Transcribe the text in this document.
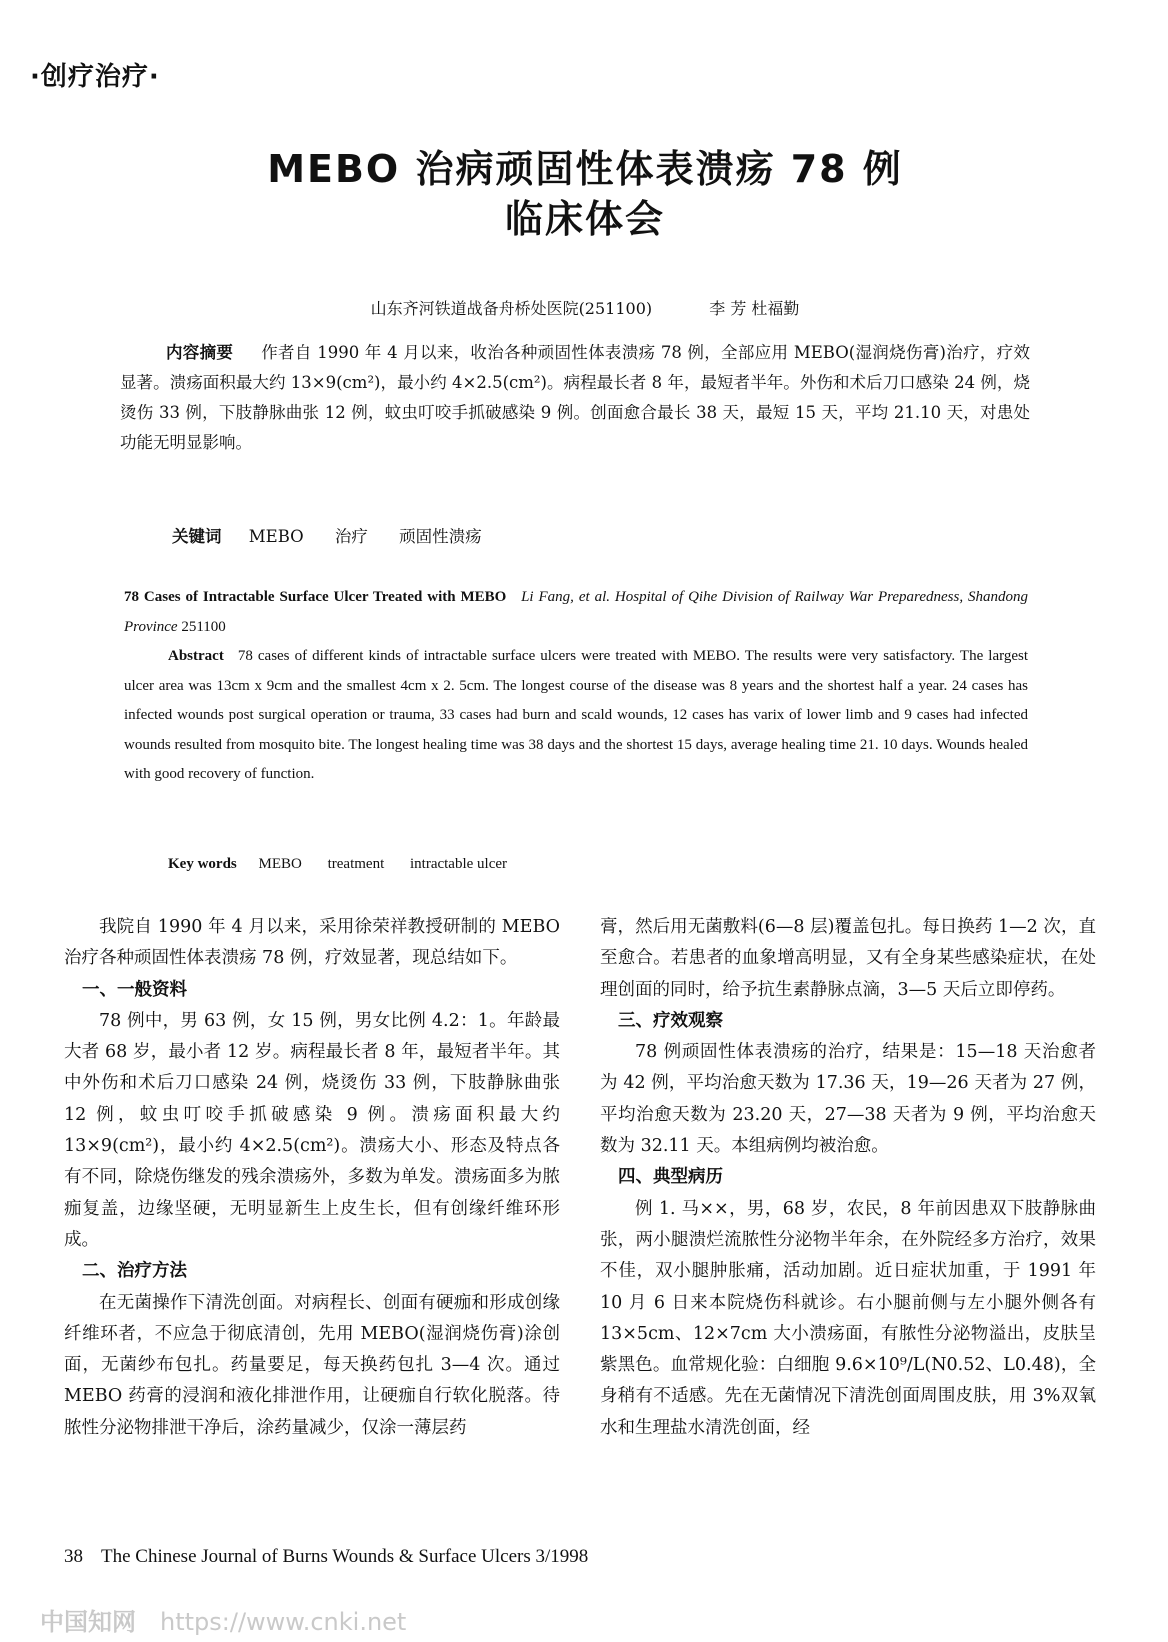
·创疗治疗·
MEBO 治病顽固性体表溃疡 78 例
临床体会
山东齐河铁道战备舟桥处医院(251100)	李 芳 杜福勤
内容摘要 作者自 1990 年 4 月以来，收治各种顽固性体表溃疡 78 例，全部应用 MEBO(湿润烧伤膏)治疗，疗效显著。溃疡面积最大约 13×9(cm²)，最小约 4×2.5(cm²)。病程最长者 8 年，最短者半年。外伤和术后刀口感染 24 例，烧烫伤 33 例，下肢静脉曲张 12 例，蚊虫叮咬手抓破感染 9 例。创面愈合最长 38 天，最短 15 天，平均 21.10 天，对患处功能无明显影响。
关键词 MEBO 治疗 顽固性溃疡
78 Cases of Intractable Surface Ulcer Treated with MEBO Li Fang, et al. Hospital of Qihe Division of Railway War Preparedness, Shandong Province 251100
Abstract 78 cases of different kinds of intractable surface ulcers were treated with MEBO. The results were very satisfactory. The largest ulcer area was 13cm x 9cm and the smallest 4cm x 2. 5cm. The longest course of the disease was 8 years and the shortest half a year. 24 cases has infected wounds post surgical operation or trauma, 33 cases had burn and scald wounds, 12 cases has varix of lower limb and 9 cases had infected wounds resulted from mosquito bite. The longest healing time was 38 days and the shortest 15 days, average healing time 21. 10 days. Wounds healed with good recovery of function.
Key words MEBO treatment intractable ulcer

我院自 1990 年 4 月以来，采用徐荣祥教授研制的 MEBO 治疗各种顽固性体表溃疡 78 例，疗效显著，现总结如下。

一、一般资料

78 例中，男 63 例，女 15 例，男女比例 4.2：1。年龄最大者 68 岁，最小者 12 岁。病程最长者 8 年，最短者半年。其中外伤和术后刀口感染 24 例，烧烫伤 33 例，下肢静脉曲张 12 例，蚊虫叮咬手抓破感染 9 例。溃疡面积最大约 13×9(cm²)，最小约 4×2.5(cm²)。溃疡大小、形态及特点各有不同，除烧伤继发的残余溃疡外，多数为单发。溃疡面多为脓痂复盖，边缘坚硬，无明显新生上皮生长，但有创缘纤维环形成。

二、治疗方法

在无菌操作下清洗创面。对病程长、创面有硬痂和形成创缘纤维环者，不应急于彻底清创，先用 MEBO(湿润烧伤膏)涂创面，无菌纱布包扎。药量要足，每天换药包扎 3—4 次。通过 MEBO 药膏的浸润和液化排泄作用，让硬痂自行软化脱落。待脓性分泌物排泄干净后，涂药量减少，仅涂一薄层药

膏，然后用无菌敷料(6—8 层)覆盖包扎。每日换药 1—2 次，直至愈合。若患者的血象增高明显，又有全身某些感染症状，在处理创面的同时，给予抗生素静脉点滴，3—5 天后立即停药。

三、疗效观察

78 例顽固性体表溃疡的治疗，结果是：15—18 天治愈者为 42 例，平均治愈天数为 17.36 天，19—26 天者为 27 例，平均治愈天数为 23.20 天，27—38 天者为 9 例，平均治愈天数为 32.11 天。本组病例均被治愈。

四、典型病历

例 1. 马××，男，68 岁，农民，8 年前因患双下肢静脉曲张，两小腿溃烂流脓性分泌物半年余，在外院经多方治疗，效果不佳，双小腿肿胀痛，活动加剧。近日症状加重，于 1991 年 10 月 6 日来本院烧伤科就诊。右小腿前侧与左小腿外侧各有 13×5cm、12×7cm 大小溃疡面，有脓性分泌物溢出，皮肤呈紫黑色。血常规化验：白细胞 9.6×10⁹/L(N0.52、L0.48)，全身稍有不适感。先在无菌情况下清洗创面周围皮肤，用 3%双氧水和生理盐水清洗创面，经

38 The Chinese Journal of Burns Wounds & Surface Ulcers 3/1998
中国知网 https://www.cnki.net
